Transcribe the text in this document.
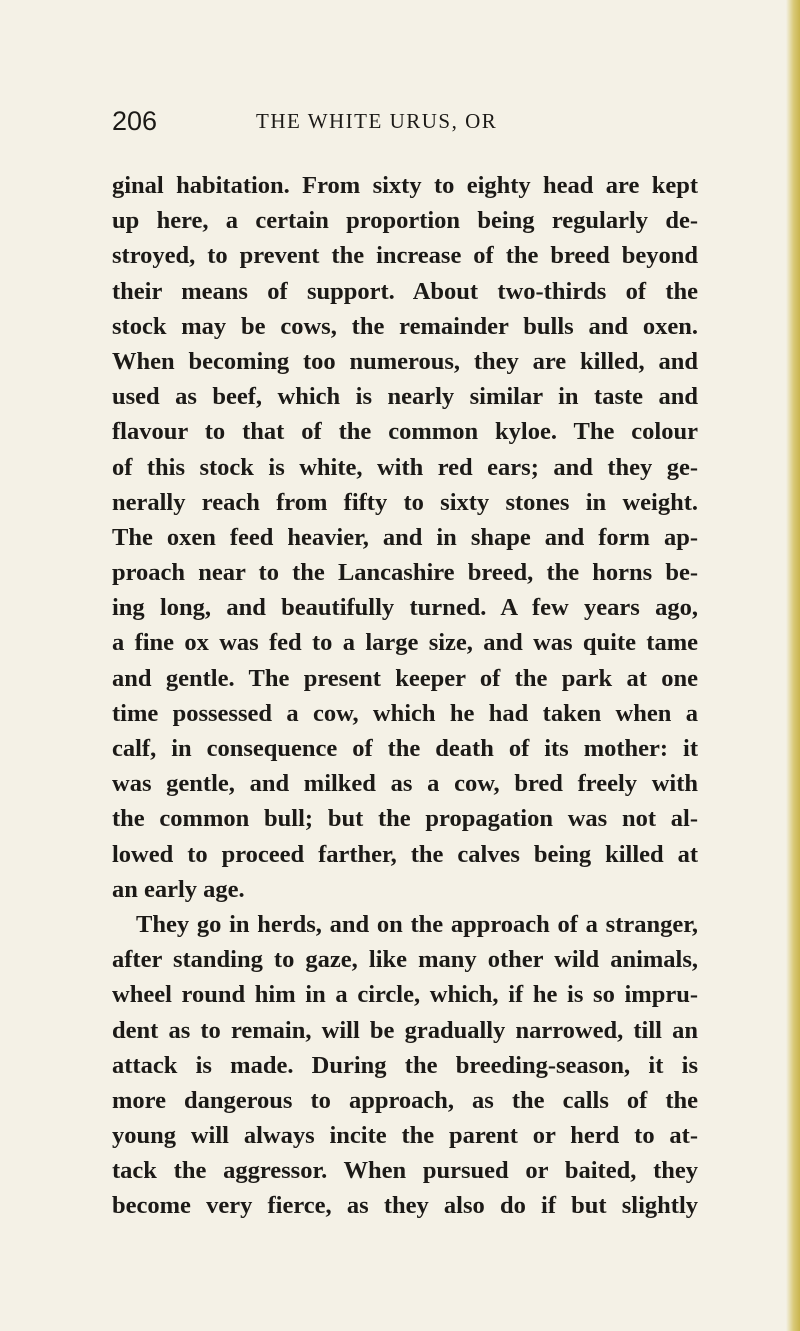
206	THE WHITE URUS, OR
ginal habitation. From sixty to eighty head are kept
up here, a certain proportion being regularly de-
stroyed, to prevent the increase of the breed beyond
their means of support. About two-thirds of the
stock may be cows, the remainder bulls and oxen.
When becoming too numerous, they are killed, and
used as beef, which is nearly similar in taste and
flavour to that of the common kyloe. The colour
of this stock is white, with red ears; and they ge-
nerally reach from fifty to sixty stones in weight.
The oxen feed heavier, and in shape and form ap-
proach near to the Lancashire breed, the horns be-
ing long, and beautifully turned. A few years ago,
a fine ox was fed to a large size, and was quite tame
and gentle. The present keeper of the park at one
time possessed a cow, which he had taken when a
calf, in consequence of the death of its mother: it
was gentle, and milked as a cow, bred freely with
the common bull; but the propagation was not al-
lowed to proceed farther, the calves being killed at
an early age.
They go in herds, and on the approach of a stranger,
after standing to gaze, like many other wild animals,
wheel round him in a circle, which, if he is so impru-
dent as to remain, will be gradually narrowed, till an
attack is made. During the breeding-season, it is
more dangerous to approach, as the calls of the
young will always incite the parent or herd to at-
tack the aggressor. When pursued or baited, they
become very fierce, as they also do if but slightly
